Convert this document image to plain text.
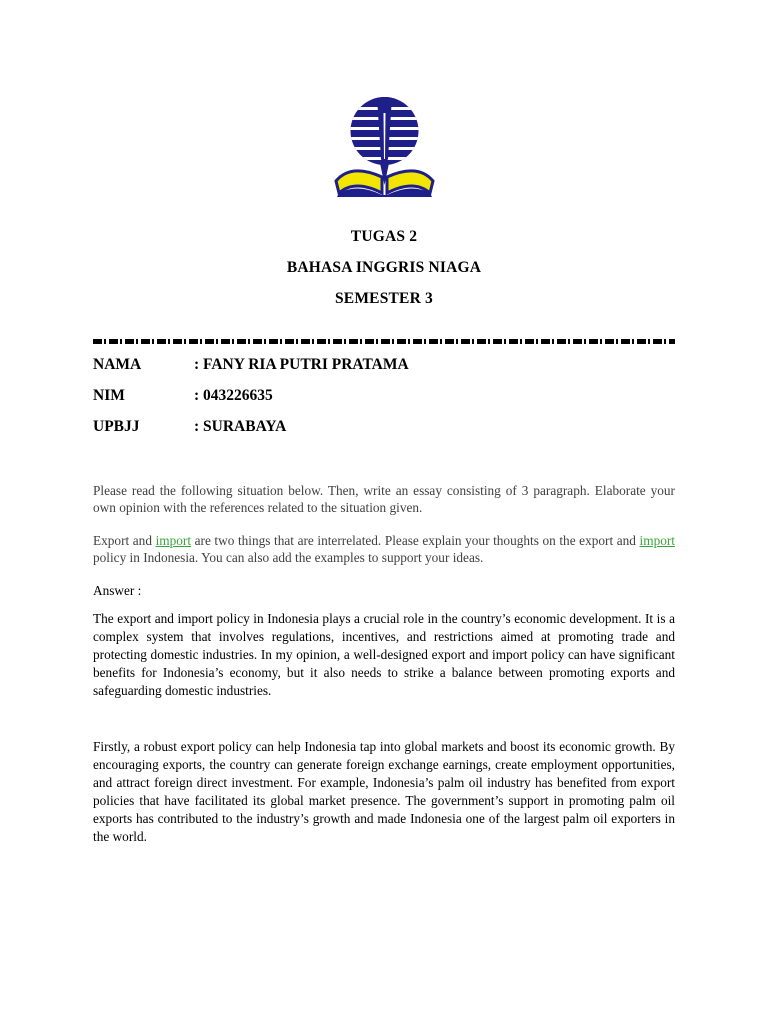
TUGAS 2
BAHASA INGGRIS NIAGA
SEMESTER 3
NAMA	: FANY RIA PUTRI PRATAMA
NIM	: 043226635
UPBJJ	: SURABAYA
Please read the following situation below. Then, write an essay consisting of 3 paragraph. Elaborate your own opinion with the references related to the situation given.
Export and import are two things that are interrelated. Please explain your thoughts on the export and import policy in Indonesia. You can also add the examples to support your ideas.
Answer :
The export and import policy in Indonesia plays a crucial role in the country’s economic development. It is a complex system that involves regulations, incentives, and restrictions aimed at promoting trade and protecting domestic industries. In my opinion, a well-designed export and import policy can have significant benefits for Indonesia’s economy, but it also needs to strike a balance between promoting exports and safeguarding domestic industries.
Firstly, a robust export policy can help Indonesia tap into global markets and boost its economic growth. By encouraging exports, the country can generate foreign exchange earnings, create employment opportunities, and attract foreign direct investment. For example, Indonesia’s palm oil industry has benefited from export policies that have facilitated its global market presence. The government’s support in promoting palm oil exports has contributed to the industry’s growth and made Indonesia one of the largest palm oil exporters in the world.
